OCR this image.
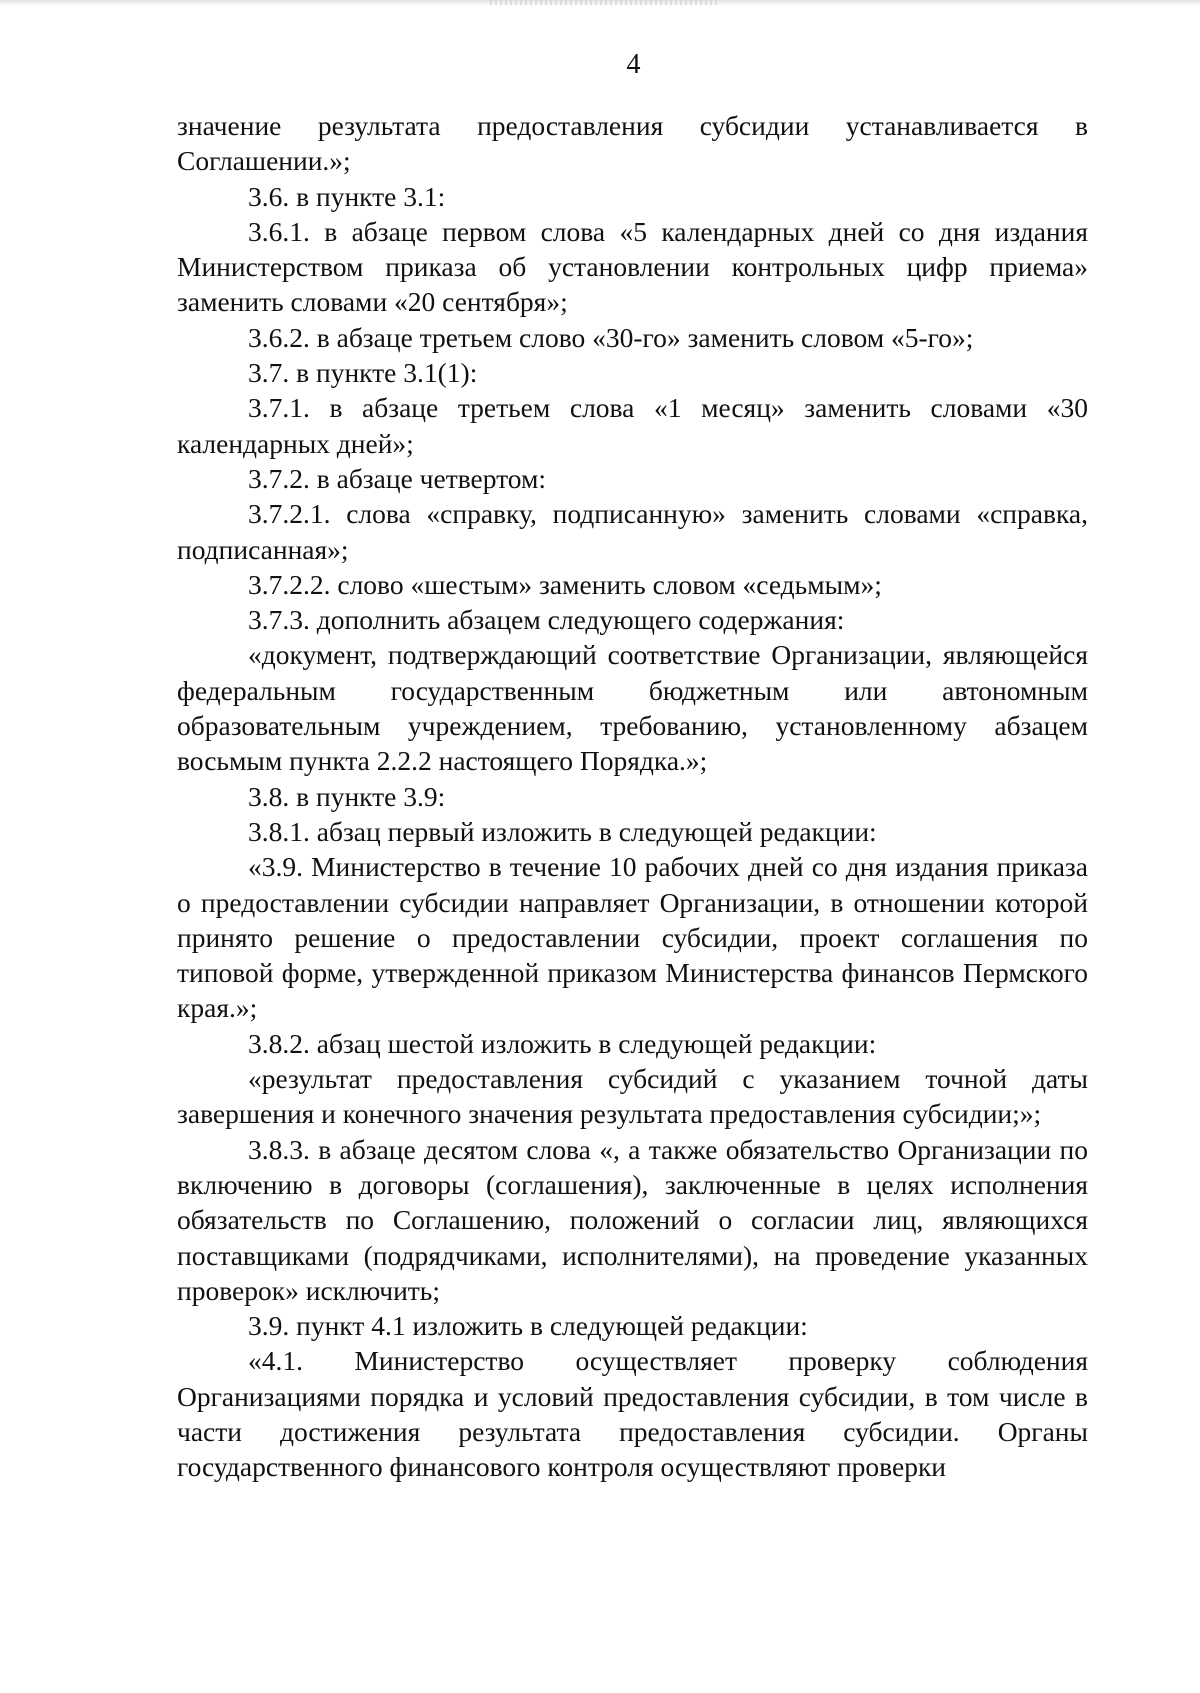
4

значение результата предоставления субсидии устанавливается в Соглашении.»;

3.6. в пункте 3.1:

3.6.1. в абзаце первом слова «5 календарных дней со дня издания Министерством приказа об установлении контрольных цифр приема» заменить словами «20 сентября»;

3.6.2. в абзаце третьем слово «30-го» заменить словом «5-го»;

3.7. в пункте 3.1(1):

3.7.1. в абзаце третьем слова «1 месяц» заменить словами «30 календарных дней»;

3.7.2. в абзаце четвертом:

3.7.2.1. слова «справку, подписанную» заменить словами «справка, подписанная»;

3.7.2.2. слово «шестым» заменить словом «седьмым»;

3.7.3. дополнить абзацем следующего содержания:

«документ, подтверждающий соответствие Организации, являющейся федеральным государственным бюджетным или автономным образовательным учреждением, требованию, установленному абзацем восьмым пункта 2.2.2 настоящего Порядка.»;

3.8. в пункте 3.9:

3.8.1. абзац первый изложить в следующей редакции:

«3.9. Министерство в течение 10 рабочих дней со дня издания приказа о предоставлении субсидии направляет Организации, в отношении которой принято решение о предоставлении субсидии, проект соглашения по типовой форме, утвержденной приказом Министерства финансов Пермского края.»;

3.8.2. абзац шестой изложить в следующей редакции:

«результат предоставления субсидий с указанием точной даты завершения и конечного значения результата предоставления субсидии;»;

3.8.3. в абзаце десятом слова «, а также обязательство Организации по включению в договоры (соглашения), заключенные в целях исполнения обязательств по Соглашению, положений о согласии лиц, являющихся поставщиками (подрядчиками, исполнителями), на проведение указанных проверок» исключить;

3.9. пункт 4.1 изложить в следующей редакции:

«4.1. Министерство осуществляет проверку соблюдения Организациями порядка и условий предоставления субсидии, в том числе в части достижения результата предоставления субсидии. Органы государственного финансового контроля осуществляют проверки
